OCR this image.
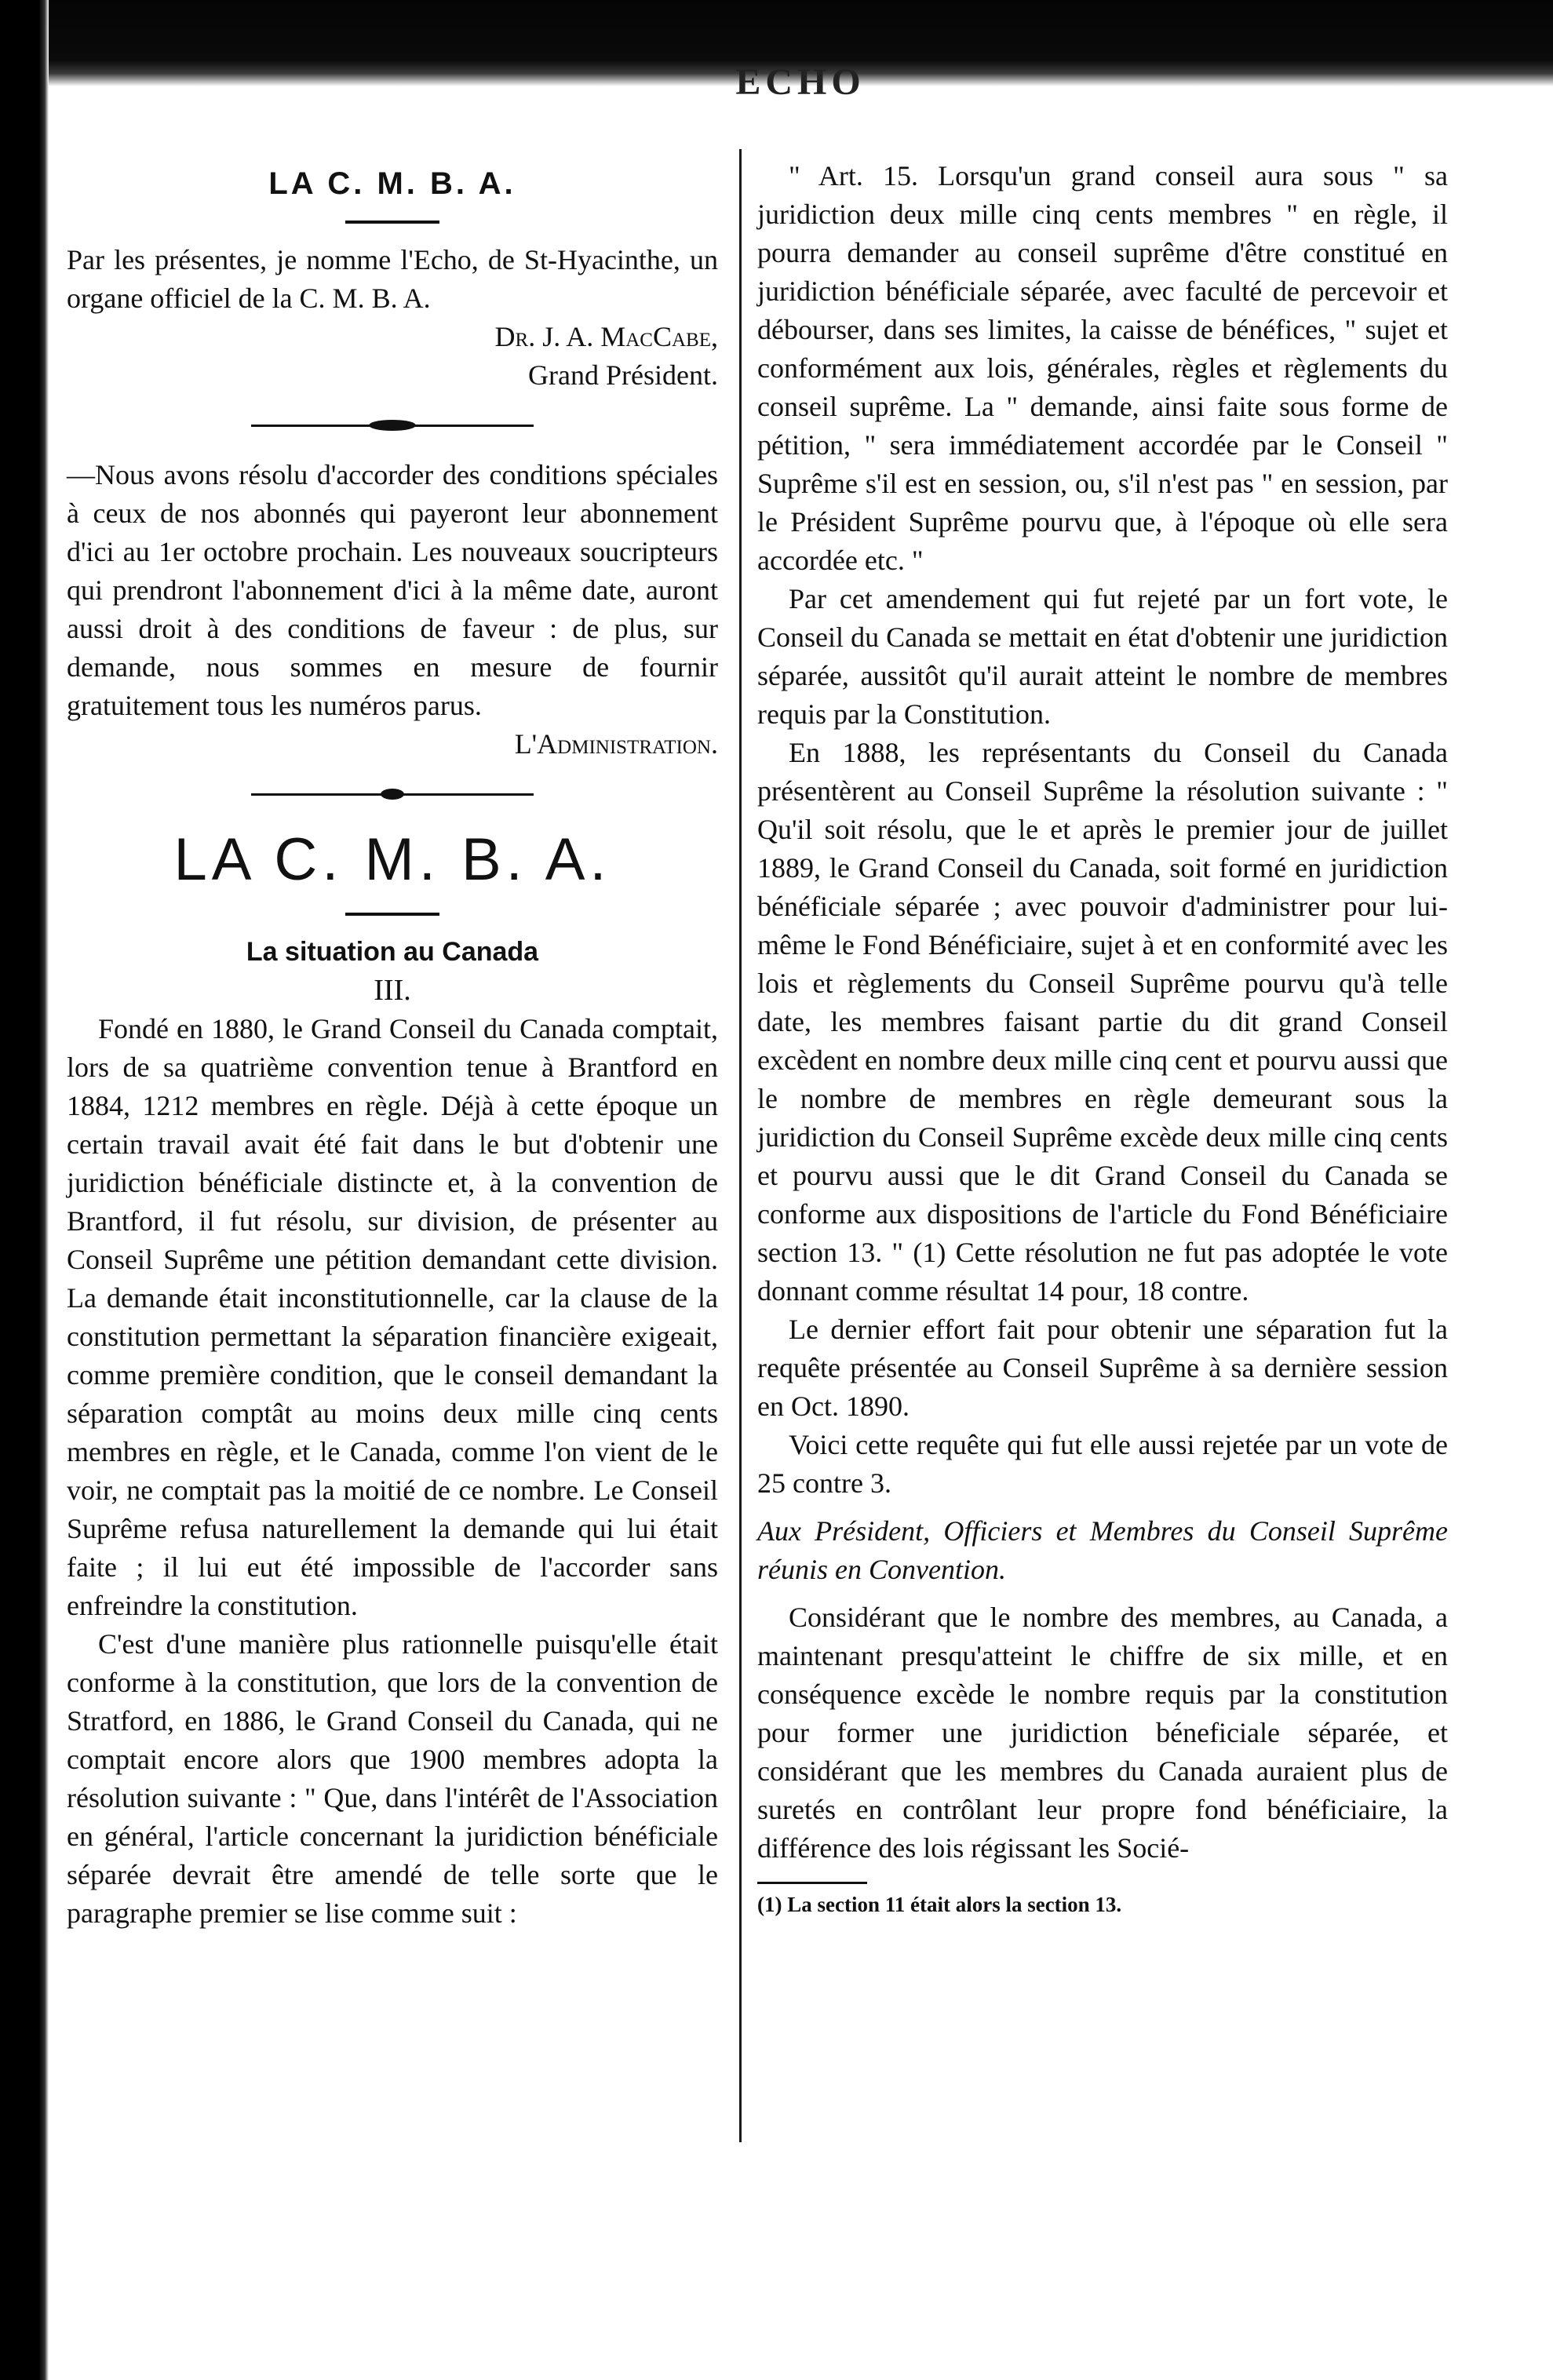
ECHO
LA C. M. B. A.

Par les présentes, je nomme l'Echo, de St-Hyacinthe, un organe officiel de la C. M. B. A.

Dr. J. A. MacCabe,

Grand Président.

—Nous avons résolu d'accorder des conditions spéciales à ceux de nos abonnés qui payeront leur abonnement d'ici au 1er octobre prochain. Les nouveaux soucripteurs qui prendront l'abonnement d'ici à la même date, auront aussi droit à des conditions de faveur : de plus, sur demande, nous sommes en mesure de fournir gratuitement tous les numéros parus.

L'Administration.

LA C. M. B. A.

La situation au Canada

III.

Fondé en 1880, le Grand Conseil du Canada comptait, lors de sa quatrième convention tenue à Brantford en 1884, 1212 membres en règle. Déjà à cette époque un certain travail avait été fait dans le but d'obtenir une juridiction bénéficiale distincte et, à la convention de Brantford, il fut résolu, sur division, de présenter au Conseil Suprême une pétition demandant cette division. La demande était inconstitutionnelle, car la clause de la constitution permettant la séparation financière exigeait, comme première condition, que le conseil demandant la séparation comptât au moins deux mille cinq cents membres en règle, et le Canada, comme l'on vient de le voir, ne comptait pas la moitié de ce nombre. Le Conseil Suprême refusa naturellement la demande qui lui était faite ; il lui eut été impossible de l'accorder sans enfreindre la constitution.

C'est d'une manière plus rationnelle puisqu'elle était conforme à la constitution, que lors de la convention de Stratford, en 1886, le Grand Conseil du Canada, qui ne comptait encore alors que 1900 membres adopta la résolution suivante : " Que, dans l'intérêt de l'Association en général, l'article concernant la juridiction bénéficiale séparée devrait être amendé de telle sorte que le paragraphe premier se lise comme suit :

" Art. 15. Lorsqu'un grand conseil aura sous " sa juridiction deux mille cinq cents membres " en règle, il pourra demander au conseil suprême d'être constitué en juridiction bénéficiale séparée, avec faculté de percevoir et débourser, dans ses limites, la caisse de bénéfices, " sujet et conformément aux lois, générales, règles et règlements du conseil suprême. La " demande, ainsi faite sous forme de pétition, " sera immédiatement accordée par le Conseil " Suprême s'il est en session, ou, s'il n'est pas " en session, par le Président Suprême pourvu que, à l'époque où elle sera accordée etc. "

Par cet amendement qui fut rejeté par un fort vote, le Conseil du Canada se mettait en état d'obtenir une juridiction séparée, aussitôt qu'il aurait atteint le nombre de membres requis par la Constitution.

En 1888, les représentants du Conseil du Canada présentèrent au Conseil Suprême la résolution suivante : " Qu'il soit résolu, que le et après le premier jour de juillet 1889, le Grand Conseil du Canada, soit formé en juridiction bénéficiale séparée ; avec pouvoir d'administrer pour lui-même le Fond Bénéficiaire, sujet à et en conformité avec les lois et règlements du Conseil Suprême pourvu qu'à telle date, les membres faisant partie du dit grand Conseil excèdent en nombre deux mille cinq cent et pourvu aussi que le nombre de membres en règle demeurant sous la juridiction du Conseil Suprême excède deux mille cinq cents et pourvu aussi que le dit Grand Conseil du Canada se conforme aux dispositions de l'article du Fond Bénéficiaire section 13. " (1) Cette résolution ne fut pas adoptée le vote donnant comme résultat 14 pour, 18 contre.

Le dernier effort fait pour obtenir une séparation fut la requête présentée au Conseil Suprême à sa dernière session en Oct. 1890.

Voici cette requête qui fut elle aussi rejetée par un vote de 25 contre 3.

Aux Président, Officiers et Membres du Conseil Suprême réunis en Convention.

Considérant que le nombre des membres, au Canada, a maintenant presqu'atteint le chiffre de six mille, et en conséquence excède le nombre requis par la constitution pour former une juridiction béneficiale séparée, et considérant que les membres du Canada auraient plus de suretés en contrôlant leur propre fond bénéficiaire, la différence des lois régissant les Socié-

(1) La section 11 était alors la section 13.
